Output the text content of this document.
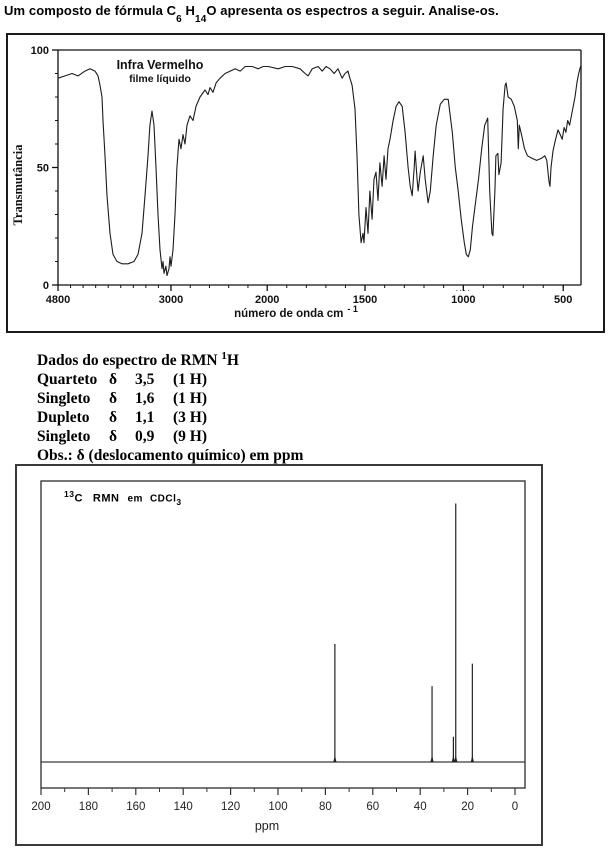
Um composto de fórmula $C_6$ $H_{14}O$ apresenta os espectros a seguir. Analise-os.
100
50
0
4800	3000	2000	1500	1000	500
····
número de onda cm $^{- 1}$
Transmutância
Infra Vermelho
filme líquido
Dados do espectro de RMN $^1$H
Quarteto δ	3,5	(1 H)
Singleto	δ	1,6	(1 H)
Dupleto	δ	1,1	(3 H)
Singleto	δ	0,9	(9 H)
Obs.: δ (deslocamento químico) em ppm
200 180 160 140 120 100	80	60	40	20	0
ppm
$^{13}$C RMN em CDCl$_3$
